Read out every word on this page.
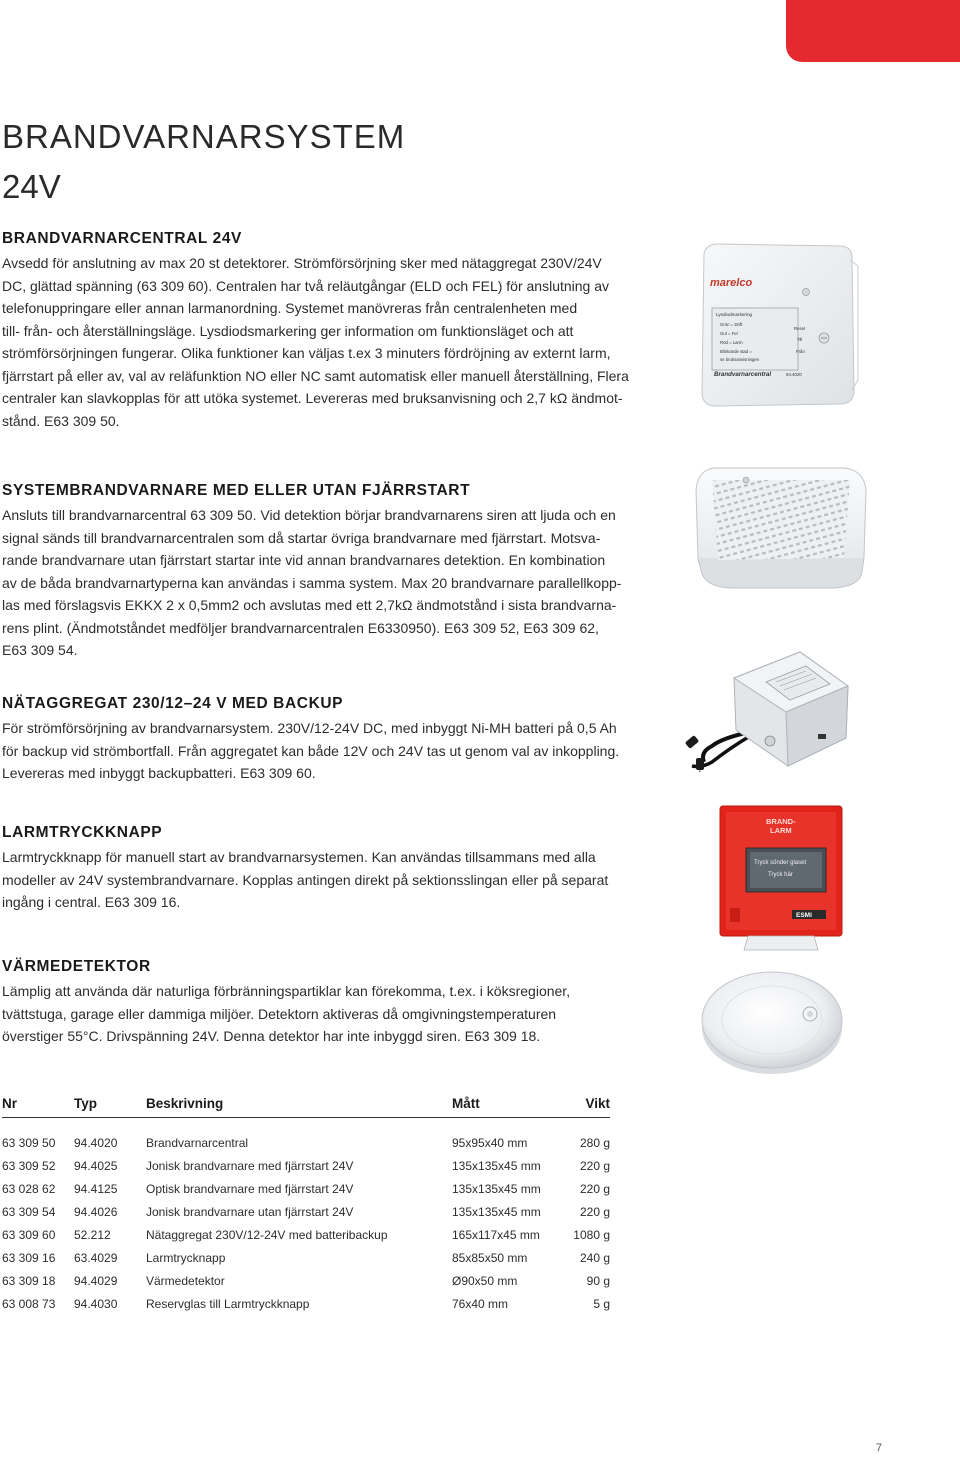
BRANDVARNARSYSTEM
24V
BRANDVARNARCENTRAL 24V

Avsedd för anslutning av max 20 st detektorer. Strömförsörjning sker med nätaggregat 230V/24V
DC, glättad spänning (63 309 60). Centralen har två reläutgångar (ELD och FEL) för anslutning av
telefonuppringare eller annan larmanordning. Systemet manövreras från centralenheten med
till- från- och återställningsläge. Lysdiodsmarkering ger information om funktionsläget och att
strömförsörjningen fungerar. Olika funktioner kan väljas t.ex 3 minuters fördröjning av externt larm,
fjärrstart på eller av, val av reläfunktion NO eller NC samt automatisk eller manuell återställning, Flera
centraler kan slavkopplas för att utöka systemet. Levereras med bruksanvisning och 2,7 kΩ ändmot-
stånd. E63 309 50.

SYSTEMBRANDVARNARE MED ELLER UTAN FJÄRRSTART

Ansluts till brandvarnarcentral 63 309 50. Vid detektion börjar brandvarnarens siren att ljuda och en
signal sänds till brandvarnarcentralen som då startar övriga brandvarnare med fjärrstart. Motsva-
rande brandvarnare utan fjärrstart startar inte vid annan brandvarnares detektion. En kombination
av de båda brandvarnartyperna kan användas i samma system. Max 20 brandvarnare parallellkopp-
las med förslagsvis EKKX 2 x 0,5mm2 och avslutas med ett 2,7kΩ ändmotstånd i sista brandvarna-
rens plint. (Ändmotståndet medföljer brandvarnarcentralen E6330950). E63 309 52, E63 309 62,
E63 309 54.

NÄTAGGREGAT 230/12–24 V MED BACKUP

För strömförsörjning av brandvarnarsystem. 230V/12-24V DC, med inbyggt Ni-MH batteri på 0,5 Ah
för backup vid strömbortfall. Från aggregatet kan både 12V och 24V tas ut genom val av inkoppling.
Levereras med inbyggt backupbatteri. E63 309 60.

LARMTRYCKKNAPP

Larmtryckknapp för manuell start av brandvarnarsystemen. Kan användas tillsammans med alla
modeller av 24V systembrandvarnare. Kopplas antingen direkt på sektionsslingan eller på separat
ingång i central. E63 309 16.

VÄRMEDETEKTOR

Lämplig att använda där naturliga förbränningspartiklar kan förekomma, t.ex. i köksregioner,
tvättstuga, garage eller dammiga miljöer. Detektorn aktiveras då omgivningstemperaturen
överstiger 55°C. Drivspänning 24V. Denna detektor har inte inbyggd siren. E63 309 18.

marelco
Lysdiodmarkering
Grön = Drift
Gul = Fel
Röd = Larm
Blinkande stad =
se bruksanvisningen
Reset
Till
Från
Brandvarnarcentral	94.4020
BRAND-
LARM
Tryck sönder glaset
Tryck här
ESMI
Nr	Typ	Beskrivning	Mått	Vikt
63 309 50	94.4020	Brandvarnarcentral	95x95x40 mm	280 g
63 309 52	94.4025	Jonisk brandvarnare med fjärrstart 24V	135x135x45 mm	220 g
63 028 62	94.4125	Optisk brandvarnare med fjärrstart 24V	135x135x45 mm	220 g
63 309 54	94.4026	Jonisk brandvarnare utan fjärrstart 24V	135x135x45 mm	220 g
63 309 60	52.212	Nätaggregat 230V/12-24V med batteribackup	165x117x45 mm	1080 g
63 309 16	63.4029	Larmtrycknapp	85x85x50 mm	240 g
63 309 18	94.4029	Värmedetektor	Ø90x50 mm	90 g
63 008 73	94.4030	Reservglas till Larmtryckknapp	76x40 mm	5 g
7
